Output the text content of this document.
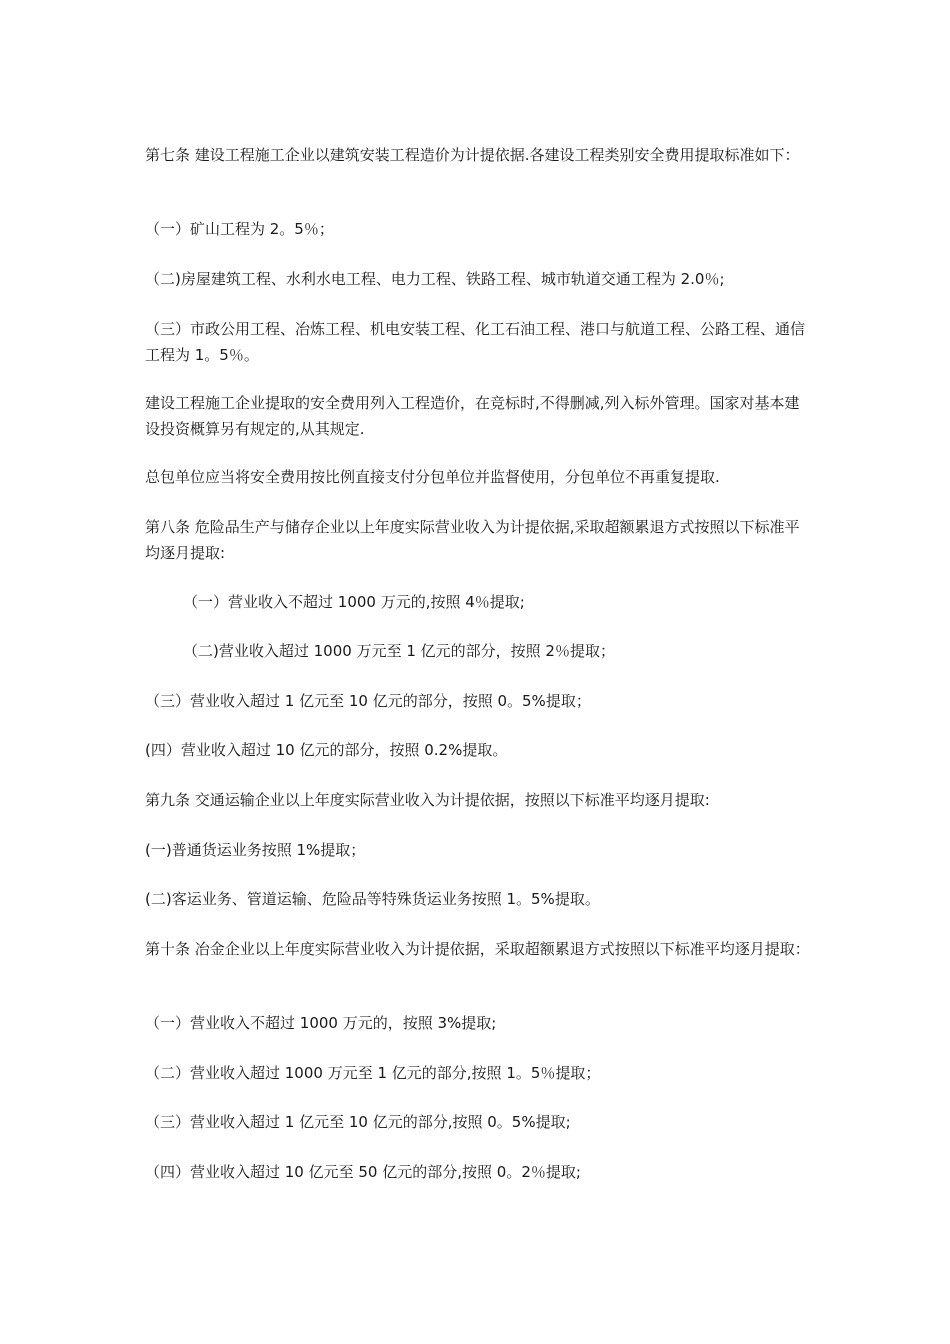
第七条 建设工程施工企业以建筑安装工程造价为计提依据.各建设工程类别安全费用提取标准如下：

（一）矿山工程为 2。5％；

（二)房屋建筑工程、水利水电工程、电力工程、铁路工程、城市轨道交通工程为 2.0％;

（三）市政公用工程、冶炼工程、机电安装工程、化工石油工程、港口与航道工程、公路工程、通信工程为 1。5％。

建设工程施工企业提取的安全费用列入工程造价，在竞标时,不得删减,列入标外管理。国家对基本建设投资概算另有规定的,从其规定.

总包单位应当将安全费用按比例直接支付分包单位并监督使用，分包单位不再重复提取.

第八条 危险品生产与储存企业以上年度实际营业收入为计提依据,采取超额累退方式按照以下标准平均逐月提取:

（一）营业收入不超过 1000 万元的,按照 4％提取;

（二)营业收入超过 1000 万元至 1 亿元的部分，按照 2％提取；

（三）营业收入超过 1 亿元至 10 亿元的部分，按照 0。5%提取；

(四）营业收入超过 10 亿元的部分，按照 0.2%提取。

第九条 交通运输企业以上年度实际营业收入为计提依据，按照以下标准平均逐月提取:

(一)普通货运业务按照 1%提取；

(二)客运业务、管道运输、危险品等特殊货运业务按照 1。5%提取。

第十条 冶金企业以上年度实际营业收入为计提依据，采取超额累退方式按照以下标准平均逐月提取：

（一）营业收入不超过 1000 万元的，按照 3%提取;

（二）营业收入超过 1000 万元至 1 亿元的部分,按照 1。5％提取；

（三）营业收入超过 1 亿元至 10 亿元的部分,按照 0。5%提取;

（四）营业收入超过 10 亿元至 50 亿元的部分,按照 0。2％提取;
